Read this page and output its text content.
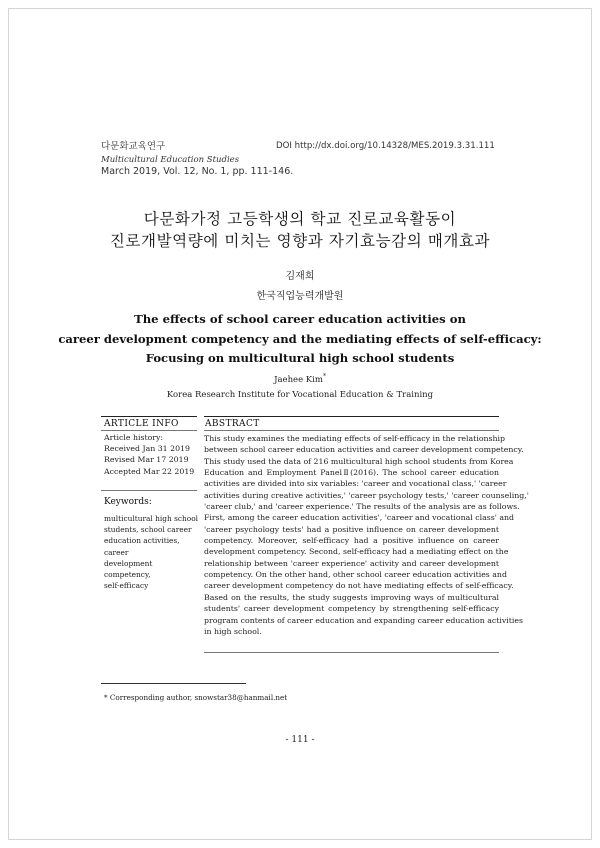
다문화교육연구
Multicultural Education Studies
March 2019, Vol. 12, No. 1, pp. 111-146.
DOI http://dx.doi.org/10.14328/MES.2019.3.31.111
다문화가정 고등학생의 학교 진로교육활동이
진로개발역량에 미치는 영향과 자기효능감의 매개효과
김재희
한국직업능력개발원
The effects of school career education activities on
career development competency and the mediating effects of self-efficacy:
Focusing on multicultural high school students
Jaehee Kim*
Korea Research Institute for Vocational Education & Training
ARTICLE INFO	ABSTRACT
Article history:
Received Jan 31 2019
Revised Mar 17 2019
Accepted Mar 22 2019
Keywords:
multicultural high school
students, school career
education activities, career
development competency,
self-efficacy
This study examines the mediating effects of self-efficacy in the relationship
between school career education activities and career development competency.
This study used the data of 216 multicultural high school students from Korea
Education and Employment PanelⅡ(2016). The school career education
activities are divided into six variables: 'career and vocational class,' 'career
activities during creative activities,' 'career psychology tests,' 'career counseling,'
'career club,' and 'career experience.' The results of the analysis are as follows.
First, among the career education activities', 'career and vocational class' and
'career psychology tests' had a positive influence on career development
competency. Moreover, self-efficacy had a positive influence on career
development competency. Second, self-efficacy had a mediating effect on the
relationship between 'career experience' activity and career development
competency. On the other hand, other school career education activities and
career development competency do not have mediating effects of self-efficacy.
Based on the results, the study suggests improving ways of multicultural
students' career development competency by strengthening self-efficacy
program contents of career education and expanding career education activities
in high school.
* Corresponding author, snowstar38@hanmail.net
- 111 -
